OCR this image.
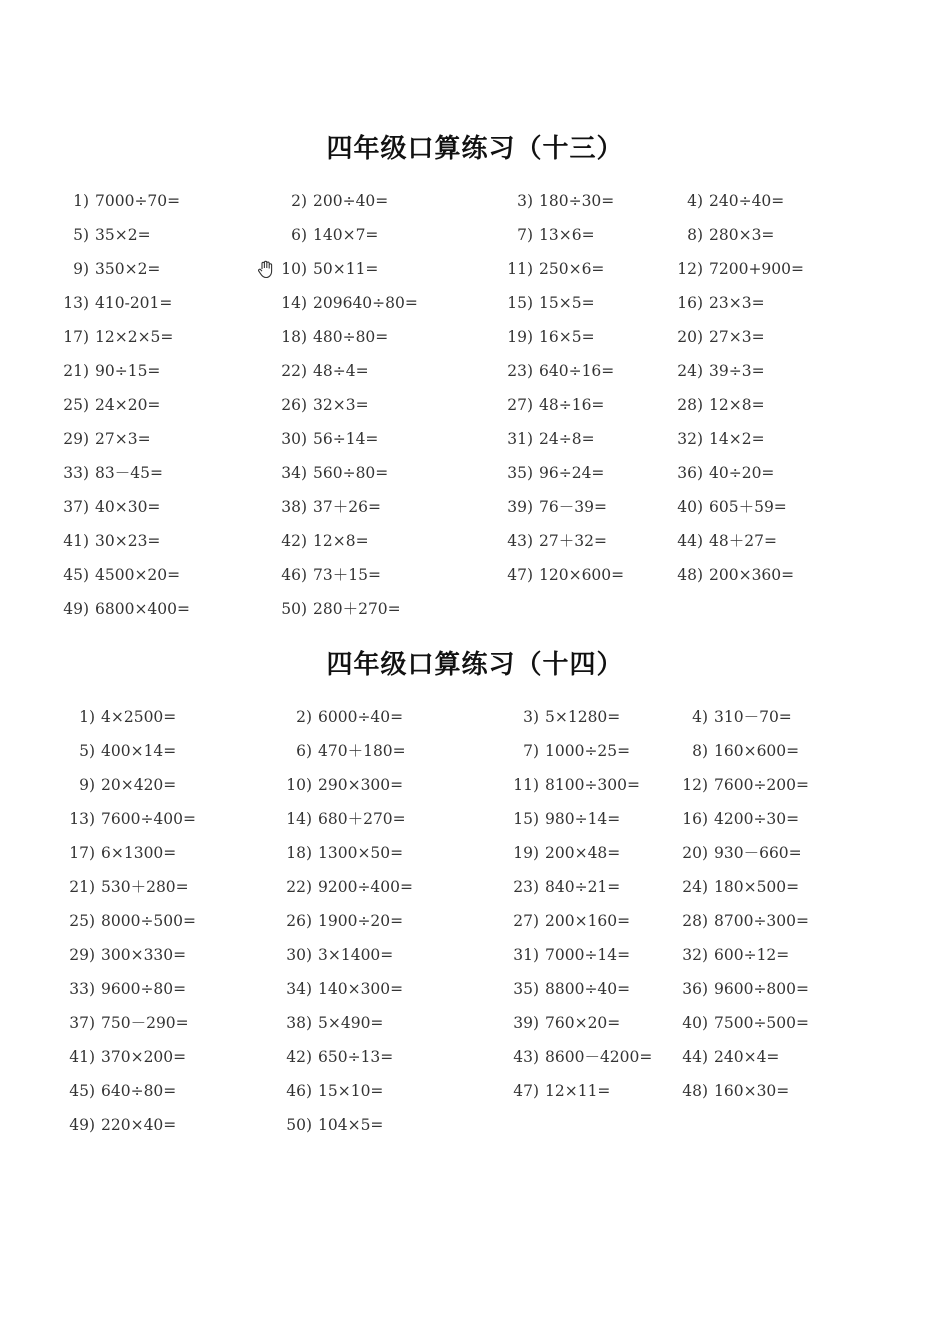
四年级口算练习（十三）
1) 7000÷70=	2) 200÷40=	3) 180÷30=	4) 240÷40=
5) 35×2=	6) 140×7=	7) 13×6=	8) 280×3=
9) 350×2=	10) 50×11=	11) 250×6=	12) 7200+900=
13) 410-201=	14) 209640÷80=	15) 15×5=	16) 23×3=
17) 12×2×5=	18) 480÷80=	19) 16×5=	20) 27×3=
21) 90÷15=	22) 48÷4=	23) 640÷16=	24) 39÷3=
25) 24×20=	26) 32×3=	27) 48÷16=	28) 12×8=
29) 27×3=	30) 56÷14=	31) 24÷8=	32) 14×2=
33) 83－45=	34) 560÷80=	35) 96÷24=	36) 40÷20=
37) 40×30=	38) 37＋26=	39) 76－39=	40) 605＋59=
41) 30×23=	42) 12×8=	43) 27＋32=	44) 48＋27=
45) 4500×20=	46) 73＋15=	47) 120×600=	48) 200×360=
49) 6800×400=	50) 280＋270=
四年级口算练习（十四）
1) 4×2500=	2) 6000÷40=	3) 5×1280=	4) 310－70=
5) 400×14=	6) 470＋180=	7) 1000÷25=	8) 160×600=
9) 20×420=	10) 290×300=	11) 8100÷300=	12) 7600÷200=
13) 7600÷400=	14) 680＋270=	15) 980÷14=	16) 4200÷30=
17) 6×1300=	18) 1300×50=	19) 200×48=	20) 930－660=
21) 530＋280=	22) 9200÷400=	23) 840÷21=	24) 180×500=
25) 8000÷500=	26) 1900÷20=	27) 200×160=	28) 8700÷300=
29) 300×330=	30) 3×1400=	31) 7000÷14=	32) 600÷12=
33) 9600÷80=	34) 140×300=	35) 8800÷40=	36) 9600÷800=
37) 750－290=	38) 5×490=	39) 760×20=	40) 7500÷500=
41) 370×200=	42) 650÷13=	43) 8600－4200=	44) 240×4=
45) 640÷80=	46) 15×10=	47) 12×11=	48) 160×30=
49) 220×40=	50) 104×5=
